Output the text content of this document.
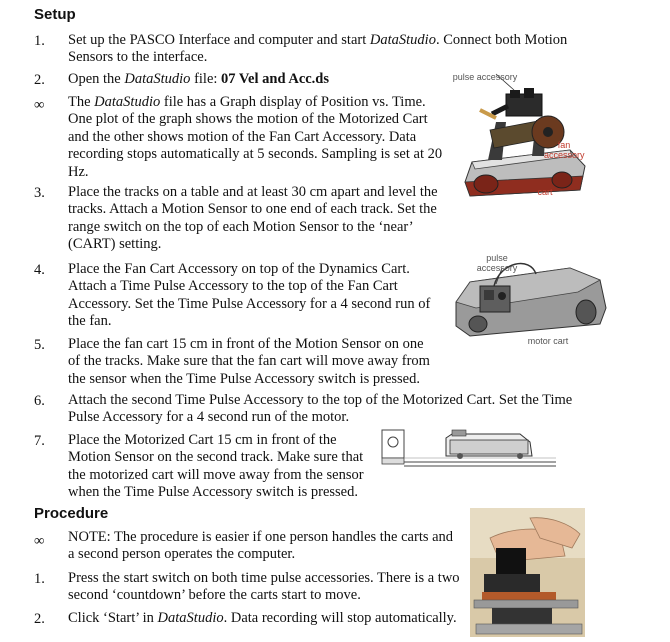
Setup
1. Set up the PASCO Interface and computer and start DataStudio. Connect both Motion Sensors to the interface.
2. Open the DataStudio file: 07 Vel and Acc.ds
∞ The DataStudio file has a Graph display of Position vs. Time. One plot of the graph shows the motion of the Motorized Cart and the other shows motion of the Fan Cart Accessory. Data recording stops automatically at 5 seconds. Sampling is set at 20 Hz.
3. Place the tracks on a table and at least 30 cm apart and level the tracks. Attach a Motion Sensor to one end of each track. Set the range switch on the top of each Motion Sensor to the ‘near’ (CART) setting.
4. Place the Fan Cart Accessory on top of the Dynamics Cart. Attach a Time Pulse Accessory to the top of the Fan Cart Accessory. Set the Time Pulse Accessory for a 4 second run of the fan.
5. Place the fan cart 15 cm in front of the Motion Sensor on one of the tracks. Make sure that the fan cart will move away from the sensor when the Time Pulse Accessory switch is pressed.
6. Attach the second Time Pulse Accessory to the top of the Motorized Cart. Set the Time Pulse Accessory for a 4 second run of the motor.
7. Place the Motorized Cart 15 cm in front of the Motion Sensor on the second track. Make sure that the motorized cart will move away from the sensor when the Time Pulse Accessory switch is pressed.
Procedure
∞ NOTE: The procedure is easier if one person handles the carts and a second person operates the computer.
1. Press the start switch on both time pulse accessories. There is a two second ‘countdown’ before the carts start to move.
2. Click ‘Start’ in DataStudio. Data recording will stop automatically.
pulse accessory
fan accessory
cart
pulse accessory
motor cart
